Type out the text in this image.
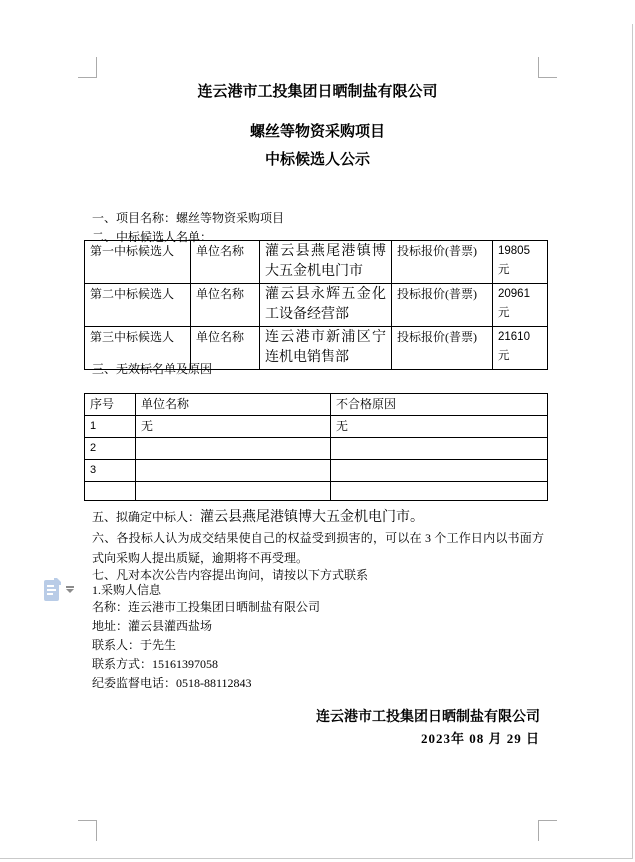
连云港市工投集团日晒制盐有限公司

螺丝等物资采购项目

中标候选人公示

一、项目名称：螺丝等物资采购项目
二、中标候选人名单：
第一中标候选人	单位名称	灌云县燕尾港镇博大五金机电门市	投标报价(普票)	19805 元
第二中标候选人	单位名称	灌云县永辉五金化工设备经营部	投标报价(普票)	20961 元
第三中标候选人	单位名称	连云港市新浦区宁连机电销售部	投标报价(普票)	21610 元
三、无效标名单及原因
序号	单位名称	不合格原因
1	无	无
2		
3		

五、拟确定中标人：灌云县燕尾港镇博大五金机电门市。
六、各投标人认为成交结果使自己的权益受到损害的，可以在 3 个工作日内以书面方式向采购人提出质疑，逾期将不再受理。
七、凡对本次公告内容提出询问，请按以下方式联系
1.采购人信息
名称：连云港市工投集团日晒制盐有限公司
地址：灌云县灌西盐场
联系人：于先生
联系方式：15161397058
纪委监督电话：0518-88112843
连云港市工投集团日晒制盐有限公司
2023年 08 月 29 日
